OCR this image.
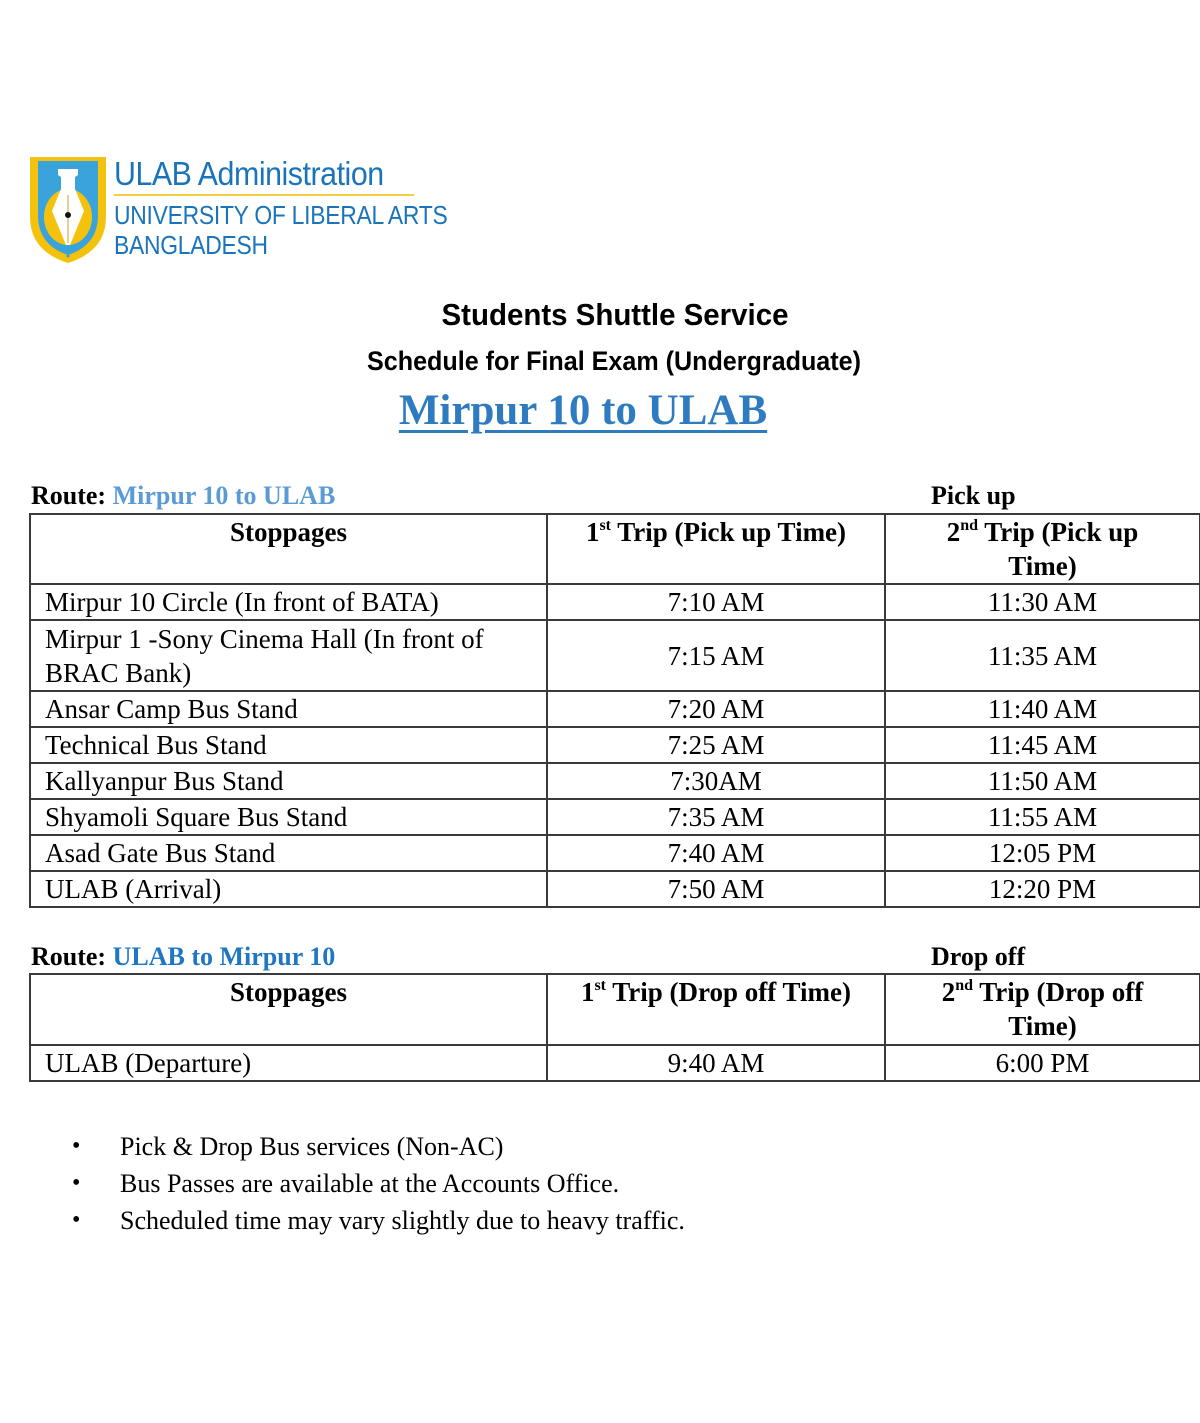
ULAB Administration
UNIVERSITY OF LIBERAL ARTS
BANGLADESH
Students Shuttle Service
Schedule for Final Exam (Undergraduate)
Mirpur 10 to ULAB
Route: Mirpur 10 to ULAB	Pick up
Stoppages	1st Trip (Pick up Time)	2nd Trip (Pick up
Time)
Mirpur 10 Circle (In front of BATA)	7:10 AM	11:30 AM
Mirpur 1 -Sony Cinema Hall (In front of BRAC Bank)	7:15 AM	11:35 AM
Ansar Camp Bus Stand	7:20 AM	11:40 AM
Technical Bus Stand	7:25 AM	11:45 AM
Kallyanpur Bus Stand	7:30AM	11:50 AM
Shyamoli Square Bus Stand	7:35 AM	11:55 AM
Asad Gate Bus Stand	7:40 AM	12:05 PM
ULAB (Arrival)	7:50 AM	12:20 PM
Route: ULAB to Mirpur 10	Drop off
Stoppages	1st Trip (Drop off Time)	2nd Trip (Drop off
Time)
ULAB (Departure)	9:40 AM	6:00 PM
• Pick & Drop Bus services (Non-AC)
• Bus Passes are available at the Accounts Office.
• Scheduled time may vary slightly due to heavy traffic.
